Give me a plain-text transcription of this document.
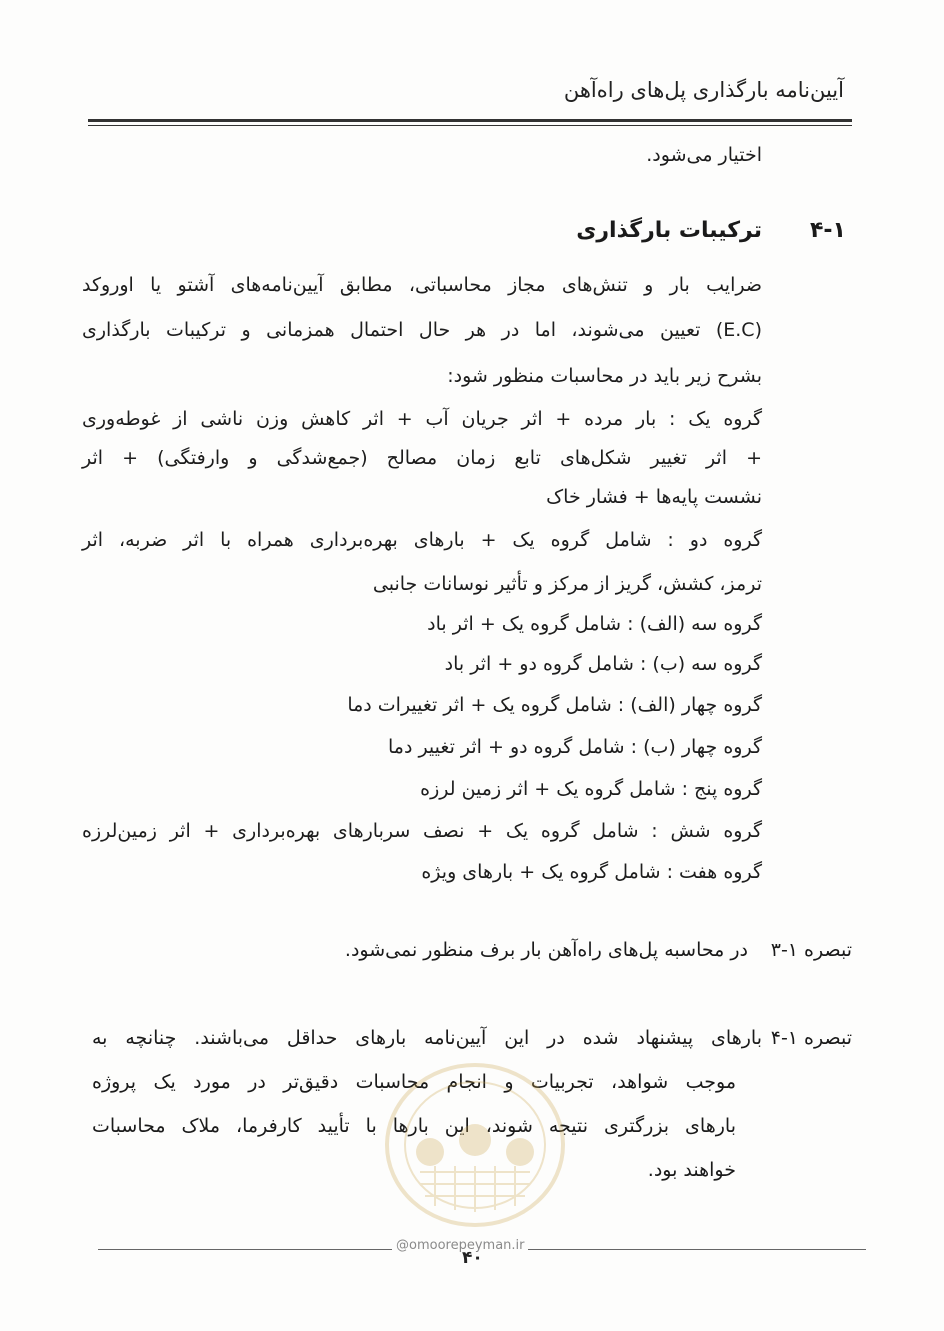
آیین‌نامه بارگذاری پل‌های راه‌آهن
اختیار می‌شود.
۴-۱
ترکیبات بارگذاری
ضرایب بار و تنش‌های مجاز محاسباتی، مطابق آیین‌نامه‌های آشتو یا اوروکد
(E.C) تعیین می‌شوند، اما در هر حال احتمال همزمانی و ترکیبات بارگذاری
بشرح زیر باید در محاسبات منظور شود:
گروه یک : بار مرده + اثر جریان آب + اثر کاهش وزن ناشی از غوطه‌وری
+ اثر تغییر شکل‌های تابع زمان مصالح (جمع‌شدگی و وارفتگی) + اثر
نشست پایه‌ها + فشار خاک
گروه دو : شامل گروه یک + بارهای بهره‌برداری همراه با اثر ضربه، اثر
ترمز، کشش، گریز از مرکز و تأثیر نوسانات جانبی
گروه سه (الف) : شامل گروه یک + اثر باد
گروه سه (ب) : شامل گروه دو + اثر باد
گروه چهار (الف) : شامل گروه یک + اثر تغییرات دما
گروه چهار (ب) : شامل گروه دو + اثر تغییر دما
گروه پنج : شامل گروه یک + اثر زمین لرزه
گروه شش : شامل گروه یک + نصف سربارهای بهره‌برداری + اثر زمین‌لرزه
گروه هفت : شامل گروه یک + بارهای ویژه
تبصره ۱-۳
در محاسبه پل‌های راه‌آهن بار برف منظور نمی‌شود.
تبصره ۱-۴
بارهای پیشنهاد شده در این آیین‌نامه بارهای حداقل می‌باشند. چنانچه به
موجب شواهد، تجربیات و انجام محاسبات دقیق‌تر در مورد یک پروژه
بارهای بزرگتری نتیجه شوند، این بارها با تأیید کارفرما، ملاک محاسبات
خواهند بود.
@omoorepeyman.ir
۴۰
